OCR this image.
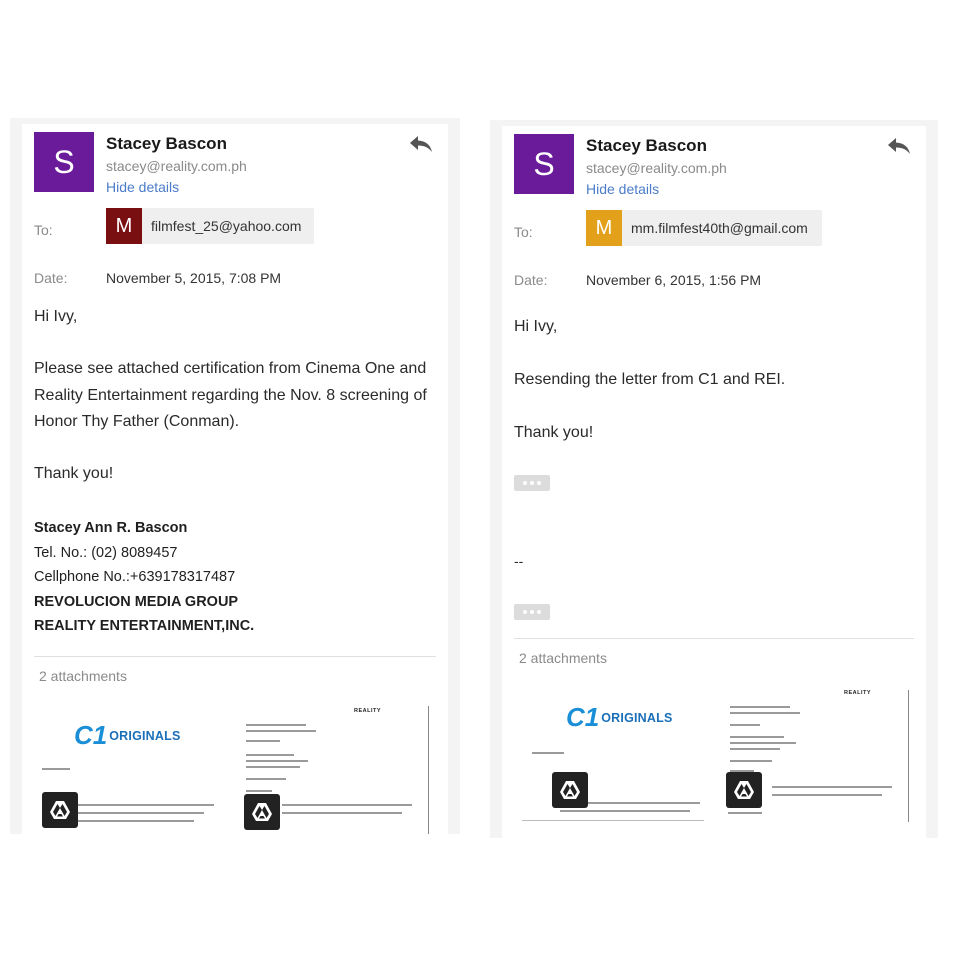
S	Stacey Bascon
stacey@reality.com.ph
Hide details
To:	M	filmfest_25@yahoo.com
Date:	November 5, 2015, 7:08 PM
Hi Ivy,
Please see attached certification from Cinema One and Reality Entertainment regarding the Nov. 8 screening of Honor Thy Father (Conman).
Thank you!
Stacey Ann R. Bascon
Tel. No.: (02) 8089457
Cellphone No.:+639178317487
REVOLUCION MEDIA GROUP
REALITY ENTERTAINMENT,INC.
2 attachments
C1 ORIGINALS
REALITY
S	Stacey Bascon
stacey@reality.com.ph
Hide details
To:	M	mm.filmfest40th@gmail.com
Date:	November 6, 2015, 1:56 PM
Hi Ivy,
Resending the letter from C1 and REI.
Thank you!
--
2 attachments
C1 ORIGINALS
REALITY
